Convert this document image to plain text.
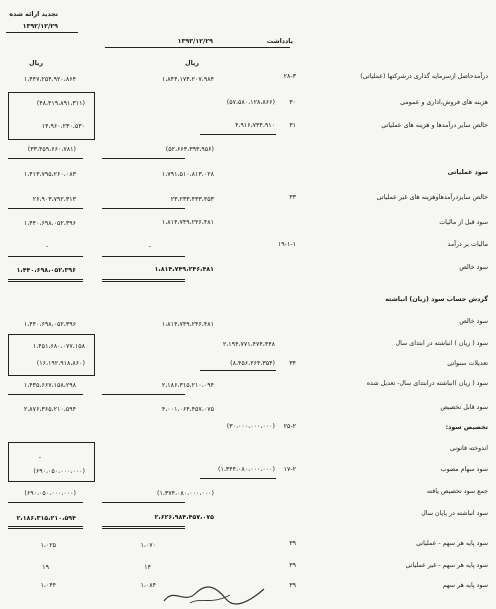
تجدید ارائه شده
۱۳۹۲/۱۲/۲۹
۱۳۹۳/۱۲/۲۹	یادداشت
ریال	ریال
درآمدحاصل ازسرمایه گذاری درشرکتها (عملیاتی)
۲۸-۳
۱،۸۴۴،۱۷۴،۲۰۷،۹۸۴
۱،۴۴۷،۲۵۴،۹۲۰،۸۶۴
هزینه های فروش،اداری و عمومی
۳۰
(۵۷،۵۸۰،۱۲۸،۸۶۶)
(۴۸،۴۱۹،۸۹۱،۳۱۱)
خالص سایر درآمدها و هزینه های عملیاتی
۳۱
۴،۹۱۶،۷۳۴،۹۱۰
۱۴،۹۶۰،۲۳۰،۵۳۰
(۵۲،۶۶۳،۳۹۳،۹۵۶)
(۳۳،۴۵۹،۶۶۰،۷۸۱)
سود عملیاتی
۱،۷۹۱،۵۱۰،۸۱۳،۰۲۸
۱،۴۱۳،۷۹۵،۲۶۰،۰۸۳
خالص سایردرآمدهاوهزینه های غیر عملیاتی
۳۳
۲۳،۲۳۳،۴۳۳،۴۵۳
۲۶،۹۰۳،۷۹۲،۳۱۳
سود قبل از مالیات
۱،۸۱۴،۷۴۹،۲۴۶،۴۸۱
۱،۴۴۰،۶۹۸،۰۵۲،۳۹۶
مالیات بر درآمد
۱۹-۱-۱
-
-
سود خالص
۱،۸۱۴،۷۴۹،۲۴۶،۴۸۱
۱،۴۴۰،۶۹۸،۰۵۲،۳۹۶
گردش حساب سود (زیان) انباشته
سود خالص
۱،۸۱۴،۷۴۹،۲۴۶،۴۸۱
۱،۴۴۰،۶۹۸،۰۵۲،۳۹۶
سود ( زیان ) انباشته در ابتدای سال
۲،۱۹۴،۷۷۱،۴۷۴،۴۴۸
۱،۴۵۱،۶۸۰،۰۷۷،۱۵۸
تعدیلات سنواتی
۳۴
(۸،۴۵۶،۲۶۴،۳۵۴)
(۱۶،۱۹۲،۹۱۸،۸۶۰)
سود ( زیان )انباشته درابتدای سال- تعدیل شده
۲،۱۸۶،۳۱۵،۲۱۰،۰۹۴
۱،۴۳۵،۶۶۷،۱۵۸،۲۹۸
سود قابل تخصیص
۴،۰۰۱،۰۶۴،۴۵۷،۰۷۵
۲،۸۷۶،۳۶۵،۲۱۰،۵۹۴
تخصیص سود:
اندوخته قانونی
۲۵-۲
(۳۰،۰۰۰،۰۰۰،۰۰۰)
-
سود سهام مصوب
۱۷-۲
(۱،۳۴۴،۰۸۰،۰۰۰،۰۰۰)
(۶۹۰،۰۵۰،۰۰۰،۰۰۰)
جمع سود تخصیص یافته
(۱،۳۷۴،۰۸۰،۰۰۰،۰۰۰)
(۶۹۰،۰۵۰،۰۰۰،۰۰۰)
سود انباشته در پایان سال
۲،۶۲۶،۹۸۴،۴۵۷،۰۷۵
۲،۱۸۶،۳۱۵،۲۱۰،۵۹۴
سود پایه هر سهم - عملیاتی
۳۹
۱،۰۷۰
۱،۰۲۵
سود پایه هر سهم - غیر عملیاتی
۳۹
۱۴
۱۹
سود پایه هر سهم
۳۹
۱،۰۸۴
۱،۰۴۴
